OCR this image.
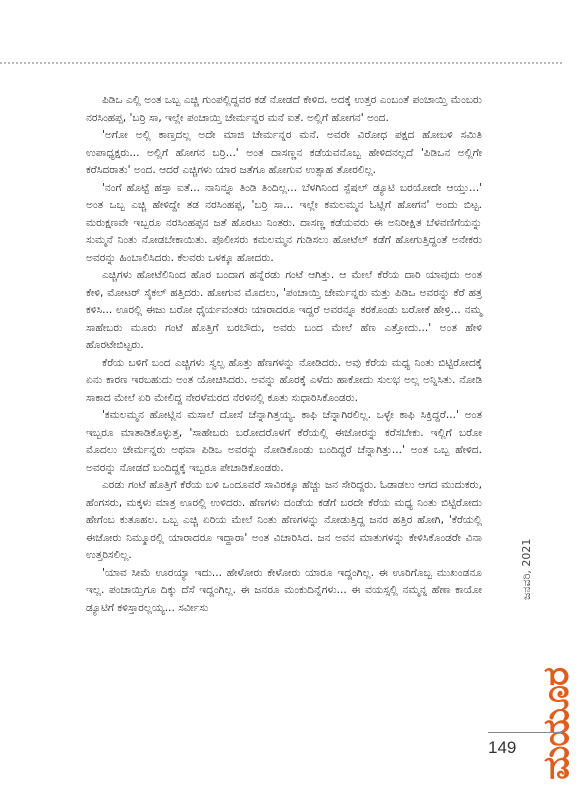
ಪಿಡಿಒ ಎಲ್ಲಿ ಅಂತ ಒಬ್ಬ ಎಚ್ಚಿ ಗುಂಪಲ್ಲಿದ್ದವರ ಕಡೆ ನೋಡದೆ ಕೇಳಿದ. ಅದಕ್ಕೆ ಉತ್ತರ ಎಂಬಂತೆ ಪಂಚಾಯ್ತಿ ಮೆಂಬರು ನರಸಿಂಹಪ್ಪ, 'ಬರ್ರಿ ಸಾ, ಇಲ್ಲೇ ಪಂಚಾಯ್ತಿ ಚೇರ್ಮನ್ನರ ಮನೆ ಐತೆ. ಅಲ್ಲಿಗೆ ಹೋಗನ' ಅಂದ.

'ಅಗೋ ಅಲ್ಲಿ ಕಾಣ್ತದಲ್ಲ ಅದೇ ಮಾಜಿ ಚೇರ್ಮನ್ನರ ಮನೆ. ಅವರೇ ವಿರೋಧ ಪಕ್ಷದ ಹೋಬಳಿ ಸಮಿತಿ ಉಪಾಧ್ಯಕ್ಷರು... ಅಲ್ಲಿಗೆ ಹೋಗನ ಬರ್ರಿ...' ಅಂತ ದಾಸಣ್ಣನ ಕಡೆಯವನೊಬ್ಬ ಹೇಳಿದನಲ್ಲದೆ 'ಪಿಡಿಒನ ಅಲ್ಲಿಗೇ ಕರೆಸಿದರಾತು' ಅಂದ. ಆದರೆ ಎಚ್ಚಿಗಳು ಯಾರ ಜತೆಗೂ ಹೋಗುವ ಉತ್ಸಾಹ ತೋರಲಿಲ್ಲ.

'ನಂಗೆ ಹೊಟ್ಟೆ ಹಸ್ತಾ ಐತೆ... ನಾನಿನ್ನೂ ತಿಂಡಿ ತಿಂದಿಲ್ಲ... ಬೆಳಗಿನಿಂದ ಸ್ಪೆಷಲ್ ಡ್ಯೂಟಿ ಬರಯೋದೇ ಆಯ್ತು...' ಅಂತ ಒಬ್ಬ ಎಚ್ಚಿ ಹೇಳಿದ್ದೇ ತಡ ನರಸಿಂಹಪ್ಪ, 'ಬರ್ರಿ ಸಾ... ಇಲ್ಲೇ ಕಮಲಮ್ಮನ ಓಟ್ಲಿಗೆ ಹೋಗನ' ಅಂದು ಬಿಟ್ಟ. ಮರುಕ್ಷಣವೇ ಇಬ್ಬರೂ ನರಸಿಂಹಪ್ಪನ ಜತೆ ಹೊರಟು ನಿಂತರು. ದಾಸಣ್ಣ ಕಡೆಯವರು ಈ ಅನಿರೀಕ್ಷಿತ ಬೆಳವಣಿಗೆಯನ್ನು ಸುಮ್ಮನೆ ನಿಂತು ನೋಡಬೇಕಾಯಿತು. ಪೊಲೀಸರು ಕಮಲಮ್ಮನ ಗುಡಿಸಲು ಹೋಟೆಲ್ ಕಡೆಗೆ ಹೋಗುತ್ತಿದ್ದಂತೆ ಅನೇಕರು ಅವರನ್ನು ಹಿಂಬಾಲಿಸಿದರು. ಕೆಲವರು ಒಳಕ್ಕೂ ಹೋದರು.

ಎಚ್ಚಿಗಳು ಹೋಟೆಲಿನಿಂದ ಹೊರ ಬಂದಾಗ ಹನ್ನೆರಡು ಗಂಟೆ ಆಗಿತ್ತು. ಆ ಮೇಲೆ ಕೆರೆಯ ದಾರಿ ಯಾವುದು ಅಂತ ಕೇಳಿ, ಮೋಟರ್ ಸೈಕಲ್ ಹತ್ತಿದರು. ಹೋಗುವ ಮೊದಲು, 'ಪಂಚಾಯ್ತಿ ಚೇರ್ಮನ್ನರು ಮತ್ತು ಪಿಡಿಒ ಅವರನ್ನು ಕೆರೆ ಹತ್ರ ಕಳಿಸಿ... ಊರಲ್ಲಿ ಈಜು ಬರೋ ಧೈರ್ಯವಂತರು ಯಾರಾದರೂ ಇದ್ದರೆ ಅವರನ್ನೂ ಕರಕೊಂಡು ಬರೋಕೆ ಹೇಳ್ರಿ... ನಮ್ಮ ಸಾಹೇಬರು ಮೂರು ಗಂಟೆ ಹೊತ್ತಿಗೆ ಬರಬೌದು, ಅವರು ಬಂದ ಮೇಲೆ ಹೆಣ ಎತ್ತೋದು...' ಅಂತ ಹೇಳಿ ಹೊರಟೇಬಿಟ್ಟರು.

ಕೆರೆಯ ಬಳಿಗೆ ಬಂದ ಎಚ್ಚಿಗಳು ಸ್ವಲ್ಪ ಹೊತ್ತು ಹೆಣಗಳನ್ನು ನೋಡಿದರು. ಅವು ಕೆರೆಯ ಮಧ್ಯ ನಿಂತು ಬಿಟ್ಟಿರೋದಕ್ಕೆ ಏನು ಕಾರಣ ಇರಬಹುದು ಅಂತ ಯೋಚಿಸಿದರು. ಅವನ್ನು ಹೊರಕ್ಕೆ ಎಳೆದು ಹಾಕೋದು ಸುಲಭ ಅಲ್ಲ ಅನ್ನಿಸಿತು. ನೋಡಿ ಸಾಕಾದ ಮೇಲೆ ಏರಿ ಮೇಲಿದ್ದ ನೇರಳೆಮರದ ನೆರಳಿನಲ್ಲಿ ಕೂತು ಸುಧಾರಿಸಿಕೊಂಡರು.

'ಕಮಲಮ್ಮನ ಹೋಟ್ಲಿನ ಮಸಾಲೆ ದೋಸೆ ಚೆನ್ನಾಗಿತ್ತಯ್ಯ. ಕಾಫಿ ಚೆನ್ನಾಗಿರಲಿಲ್ಲ. ಒಳ್ಳೇ ಕಾಫಿ ಸಿಕ್ತಿದ್ದರೆ...' ಅಂತ ಇಬ್ಬರೂ ಮಾತಾಡಿಕೊಳ್ಳುತ್ತ, 'ಸಾಹೇಬರು ಬರೋದರೊಳಗೆ ಕೆರೆಯಲ್ಲಿ ಈಜೋರನ್ನು ಕರೆಸಬೇಕು. ಇಲ್ಲಿಗೆ ಬರೋ ಮೊದಲು ಚೇರ್ಮನ್ನರು ಅಥವಾ ಪಿಡಿಒ ಅವರನ್ನು ನೋಡಿಕೊಂಡು ಬಂದಿದ್ದರೆ ಚೆನ್ನಾಗಿತ್ತು...' ಅಂತ ಒಬ್ಬ ಹೇಳಿದ. ಅವರನ್ನು ನೋಡದೆ ಬಂದಿದ್ದಕ್ಕೆ ಇಬ್ಬರೂ ಪೇಚಾಡಿಕೊಂಡರು.

ಎರಡು ಗಂಟೆ ಹೊತ್ತಿಗೆ ಕೆರೆಯ ಬಳಿ ಒಂದೂವರೆ ಸಾವಿರಕ್ಕೂ ಹೆಚ್ಚು ಜನ ಸೇರಿದ್ದರು. ಓಡಾಡಲು ಆಗದ ಮುದುಕರು, ಹೆಂಗಸರು, ಮಕ್ಕಳು ಮಾತ್ರ ಊರಲ್ಲಿ ಉಳಿದರು. ಹೆಣಗಳು ದಂಡೆಯ ಕಡೆಗೆ ಬರದೇ ಕೆರೆಯ ಮಧ್ಯ ನಿಂತು ಬಿಟ್ಟಿರೋದು ಹೇಗೆಂಬ ಕುತೂಹಲ. ಒಬ್ಬ ಎಚ್ಚಿ ಏರಿಯ ಮೇಲೆ ನಿಂತು ಹೆಣಗಳನ್ನು ನೋಡುತ್ತಿದ್ದ ಜನರ ಹತ್ತಿರ ಹೋಗಿ, 'ಕೆರೆಯಲ್ಲಿ ಈಜೋರು ನಿಮ್ಮೂರಲ್ಲಿ ಯಾರಾದರೂ ಇದ್ದಾರಾ' ಅಂತ ವಿಚಾರಿಸಿದ. ಜನ ಅವನ ಮಾತುಗಳನ್ನು ಕೇಳಿಸಿಕೊಂಡರೇ ವಿನಾ ಉತ್ತರಿಸಲಿಲ್ಲ.

'ಯಾವ ಸೀಮೆ ಊರಯ್ಯಾ ಇದು... ಹೇಳೋರು ಕೇಳೋರು ಯಾರೂ ಇದ್ದಂಗಿಲ್ಲ. ಈ ಊರಿಗೊಬ್ಬ ಮುಖಂಡನೂ ಇಲ್ಲ. ಪಂಚಾಯ್ತಿಗೂ ದಿಕ್ಕು ದೆಸೆ ಇದ್ದಂಗಿಲ್ಲ. ಈ ಜನರೂ ಮಂಕುದಿನ್ನೆಗಳು... ಈ ವಯಸ್ಸಲ್ಲಿ ನಮ್ಮನ್ನ ಹೆಣಾ ಕಾಯೋ ಡ್ಯೂಟಿಗೆ ಕಳಿಸ್ತಾರಲ್ಲಯ್ಯ... ಸರ್ವೀಸು

ಜನವರಿ, 2021
ಮಯೂರ
149
